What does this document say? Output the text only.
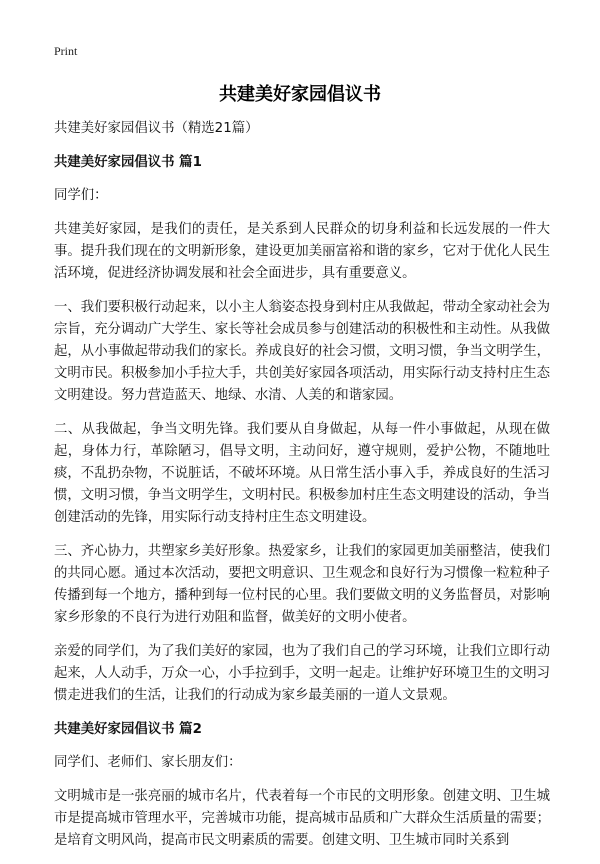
Print
共建美好家园倡议书

共建美好家园倡议书（精选21篇）

共建美好家园倡议书 篇1

同学们：

共建美好家园，是我们的责任，是关系到人民群众的切身利益和长远发展的一件大事。提升我们现在的文明新形象，建设更加美丽富裕和谐的家乡，它对于优化人民生活环境，促进经济协调发展和社会全面进步，具有重要意义。

一、我们要积极行动起来，以小主人翁姿态投身到村庄从我做起，带动全家动社会为宗旨，充分调动广大学生、家长等社会成员参与创建活动的积极性和主动性。从我做起，从小事做起带动我们的家长。养成良好的社会习惯，文明习惯，争当文明学生，文明市民。积极参加小手拉大手，共创美好家园各项活动，用实际行动支持村庄生态文明建设。努力营造蓝天、地绿、水清、人美的和谐家园。

二、从我做起，争当文明先锋。我们要从自身做起，从每一件小事做起，从现在做起，身体力行，革除陋习，倡导文明，主动问好，遵守规则，爱护公物，不随地吐痰，不乱扔杂物，不说脏话，不破坏环境。从日常生活小事入手，养成良好的生活习惯，文明习惯，争当文明学生，文明村民。积极参加村庄生态文明建设的活动，争当创建活动的先锋，用实际行动支持村庄生态文明建设。

三、齐心协力，共塑家乡美好形象。热爱家乡，让我们的家园更加美丽整洁，使我们的共同心愿。通过本次活动，要把文明意识、卫生观念和良好行为习惯像一粒粒种子传播到每一个地方，播种到每一位村民的心里。我们要做文明的义务监督员，对影响家乡形象的不良行为进行劝阻和监督，做美好的文明小使者。

亲爱的同学们，为了我们美好的家园，也为了我们自己的学习环境，让我们立即行动起来，人人动手，万众一心，小手拉到手，文明一起走。让维护好环境卫生的文明习惯走进我们的生活，让我们的行动成为家乡最美丽的一道人文景观。

共建美好家园倡议书 篇2

同学们、老师们、家长朋友们：

文明城市是一张亮丽的城市名片，代表着每一个市民的文明形象。创建文明、卫生城市是提高城市管理水平，完善城市功能，提高城市品质和广大群众生活质量的需要；是培育文明风尚，提高市民文明素质的需要。创建文明、卫生城市同时关系到
